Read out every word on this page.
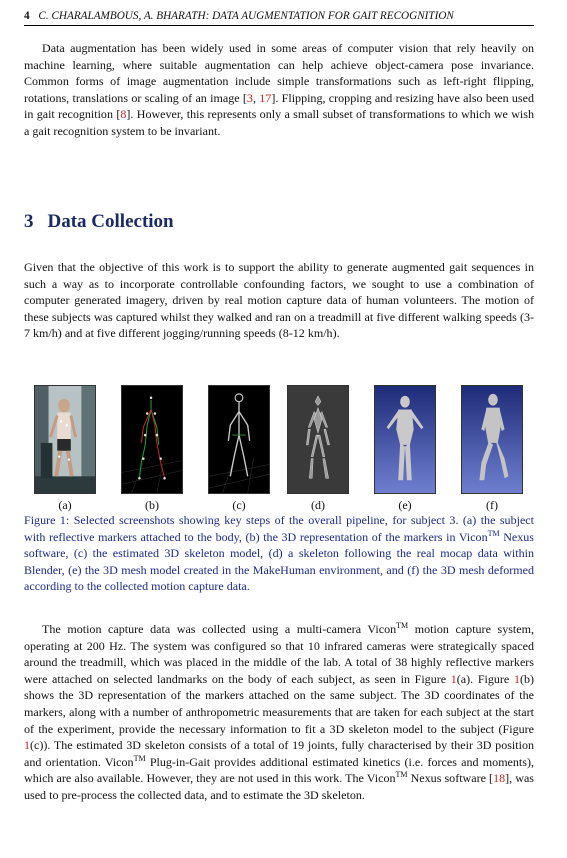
4 C. CHARALAMBOUS, A. BHARATH: DATA AUGMENTATION FOR GAIT RECOGNITION

Data augmentation has been widely used in some areas of computer vision that rely heavily on machine learning, where suitable augmentation can help achieve object-camera pose invariance. Common forms of image augmentation include simple transformations such as left-right flipping, rotations, translations or scaling of an image [3, 17]. Flipping, cropping and resizing have also been used in gait recognition [8]. However, this represents only a small subset of transformations to which we wish a gait recognition system to be invariant.

3 Data Collection

Given that the objective of this work is to support the ability to generate augmented gait sequences in such a way as to incorporate controllable confounding factors, we sought to use a combination of computer generated imagery, driven by real motion capture data of human volunteers. The motion of these subjects was captured whilst they walked and ran on a treadmill at five different walking speeds (3-7 km/h) and at five different jogging/running speeds (8-12 km/h).

(a)	(b)	(c)	(d)	(e)	(f)

Figure 1: Selected screenshots showing key steps of the overall pipeline, for subject 3. (a) the subject with reflective markers attached to the body, (b) the 3D representation of the markers in Vicon™ Nexus software, (c) the estimated 3D skeleton model, (d) a skeleton following the real mocap data within Blender, (e) the 3D mesh model created in the MakeHuman environment, and (f) the 3D mesh deformed according to the collected motion capture data.

The motion capture data was collected using a multi-camera Vicon™ motion capture system, operating at 200 Hz. The system was configured so that 10 infrared cameras were strategically spaced around the treadmill, which was placed in the middle of the lab. A total of 38 highly reflective markers were attached on selected landmarks on the body of each subject, as seen in Figure 1(a). Figure 1(b) shows the 3D representation of the markers attached on the same subject. The 3D coordinates of the markers, along with a number of anthropometric measurements that are taken for each subject at the start of the experiment, provide the necessary information to fit a 3D skeleton model to the subject (Figure 1(c)). The estimated 3D skeleton consists of a total of 19 joints, fully characterised by their 3D position and orientation. Vicon™ Plug-in-Gait provides additional estimated kinetics (i.e. forces and moments), which are also available. However, they are not used in this work. The Vicon™ Nexus software [18], was used to pre-process the collected data, and to estimate the 3D skeleton.
